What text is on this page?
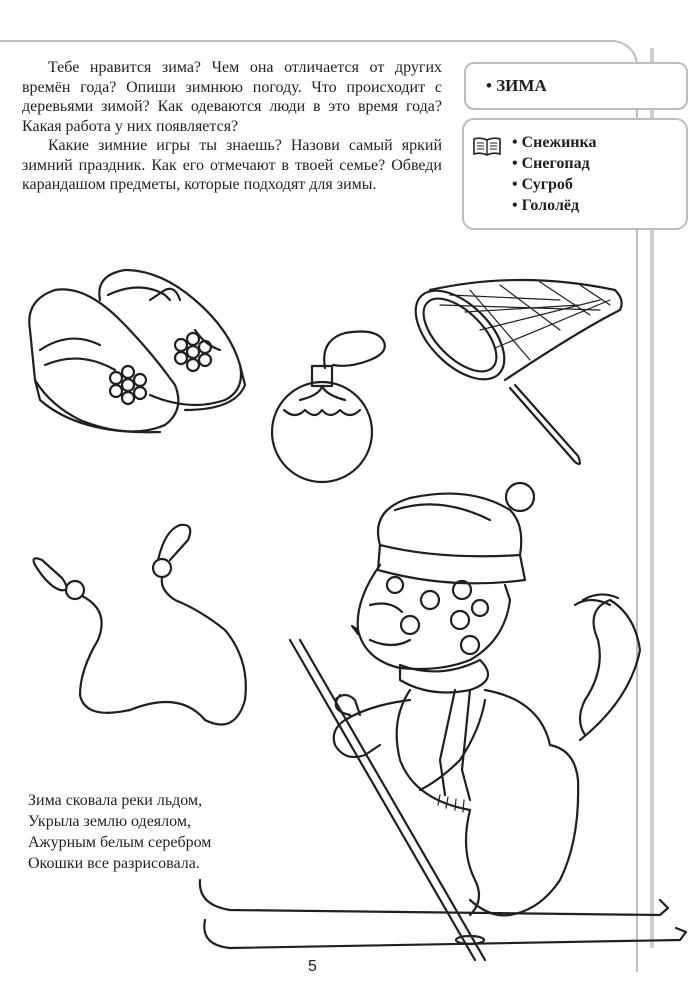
Тебе нравится зима? Чем она отличается от других времён года? Опиши зимнюю погоду. Что происходит с деревьями зимой? Как одеваются люди в это время года? Какая работа у них появляется?

Какие зимние игры ты знаешь? Назови самый яркий зимний праздник. Как его отмечают в твоей семье? Обведи карандашом предметы, которые подходят для зимы.

• ЗИМА
• Снежинка
• Снегопад
• Сугроб
• Гололёд
Зима сковала реки льдом,
Укрыла землю одеялом,
Ажурным белым серебром
Окошки все разрисовала.
5
